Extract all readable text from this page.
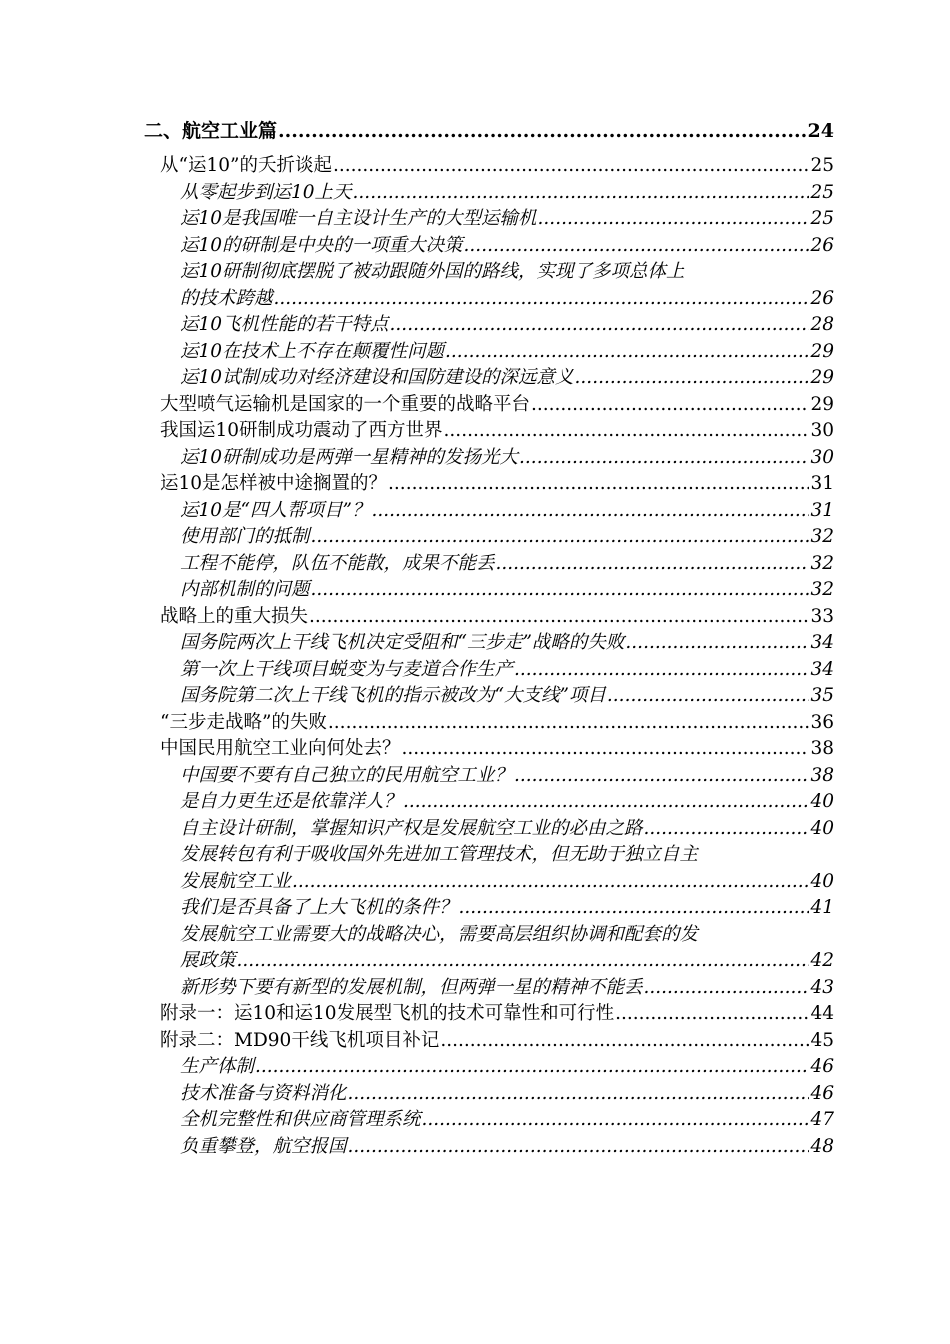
二、航空工业篇 .....	24
从“运10”的夭折谈起 .....	25
从零起步到运10上天 .....	25
运10是我国唯一自主设计生产的大型运输机 .....	25
运10的研制是中央的一项重大决策 .....	26
运10研制彻底摆脱了被动跟随外国的路线，实现了多项总体上
的技术跨越 .....	26
运10飞机性能的若干特点 .....	28
运10在技术上不存在颠覆性问题 .....	29
运10试制成功对经济建设和国防建设的深远意义 .....	29
大型喷气运输机是国家的一个重要的战略平台 .....	29
我国运10研制成功震动了西方世界 .....	30
运10研制成功是两弹一星精神的发扬光大 .....	30
运10是怎样被中途搁置的？ .....	31
运10是“四人帮项目”？ .....	31
使用部门的抵制 .....	32
工程不能停，队伍不能散，成果不能丢 .....	32
内部机制的问题 .....	32
战略上的重大损失 .....	33
国务院两次上干线飞机决定受阻和“三步走”战略的失败 .....	34
第一次上干线项目蜕变为与麦道合作生产 .....	34
国务院第二次上干线飞机的指示被改为“大支线”项目 .....	35
“三步走战略”的失败 .....	36
中国民用航空工业向何处去？ .....	38
中国要不要有自己独立的民用航空工业？ .....	38
是自力更生还是依靠洋人？ .....	40
自主设计研制，掌握知识产权是发展航空工业的必由之路 .....	40
发展转包有利于吸收国外先进加工管理技术，但无助于独立自主
发展航空工业 .....	40
我们是否具备了上大飞机的条件？ .....	41
发展航空工业需要大的战略决心，需要高层组织协调和配套的发
展政策 .....	42
新形势下要有新型的发展机制，但两弹一星的精神不能丢 .....	43
附录一：运10和运10发展型飞机的技术可靠性和可行性 .....	44
附录二：MD90干线飞机项目补记 .....	45
生产体制 .....	46
技术准备与资料消化 .....	46
全机完整性和供应商管理系统 .....	47
负重攀登，航空报国 .....	48
